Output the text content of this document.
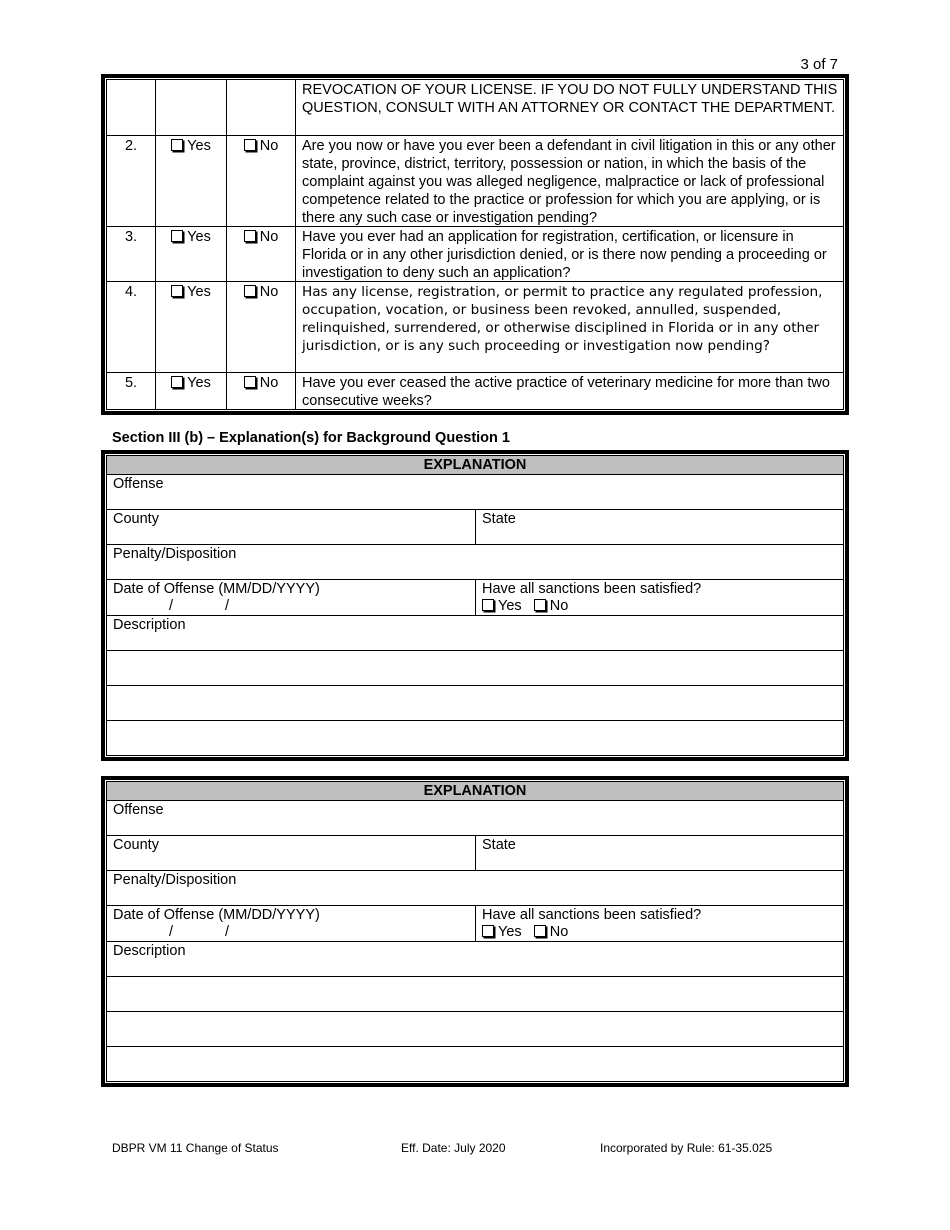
3 of 7
REVOCATION OF YOUR LICENSE. IF YOU DO NOT FULLY UNDERSTAND THIS QUESTION, CONSULT WITH AN ATTORNEY OR CONTACT THE DEPARTMENT.
2.	Yes	No	Are you now or have you ever been a defendant in civil litigation in this or any other state, province, district, territory, possession or nation, in which the basis of the complaint against you was alleged negligence, malpractice or lack of professional competence related to the practice or profession for which you are applying, or is there any such case or investigation pending?
3.	Yes	No	Have you ever had an application for registration, certification, or licensure in Florida or in any other jurisdiction denied, or is there now pending a proceeding or investigation to deny such an application?
4.	Yes	No	Has any license, registration, or permit to practice any regulated profession, occupation, vocation, or business been revoked, annulled, suspended, relinquished, surrendered, or otherwise disciplined in Florida or in any other jurisdiction, or is any such proceeding or investigation now pending?
5.	Yes	No	Have you ever ceased the active practice of veterinary medicine for more than two consecutive weeks?
Section III (b) – Explanation(s) for Background Question 1
EXPLANATION
Offense
County	State
Penalty/Disposition
Date of Offense (MM/DD/YYYY)
/	/
Have all sanctions been satisfied?
Yes No
Description
EXPLANATION
Offense
County	State
Penalty/Disposition
Date of Offense (MM/DD/YYYY)
/	/
Have all sanctions been satisfied?
Yes No
Description
DBPR VM 11 Change of Status	Eff. Date: July 2020	Incorporated by Rule: 61-35.025
